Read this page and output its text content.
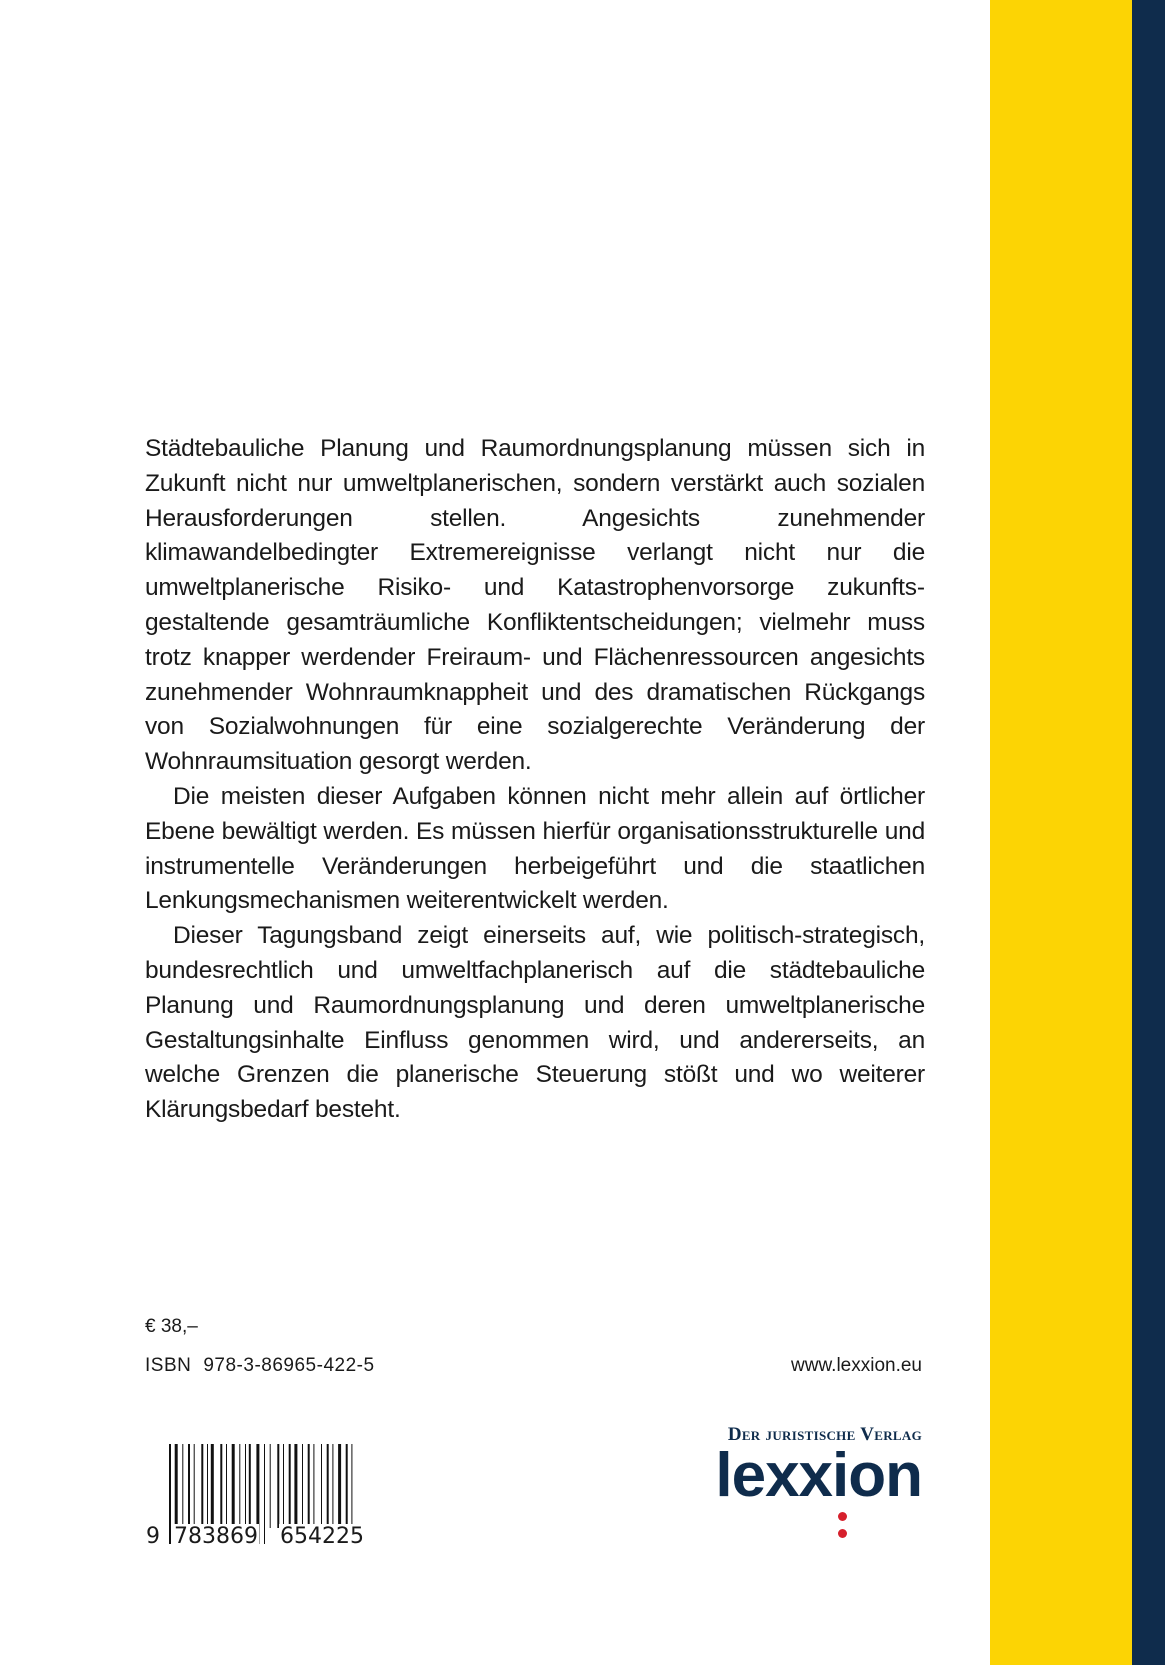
Städtebauliche Planung und Raumordnungsplanung müssen sich in Zukunft nicht nur umweltplanerischen, sondern verstärkt auch sozialen Herausforderungen stellen. Angesichts zunehmender klimawandelbedingter Extremereignisse verlangt nicht nur die umweltplanerische Risiko- und Katastrophenvorsorge zukunftsgestaltende gesamträumliche Konfliktentscheidungen; vielmehr muss trotz knapper werdender Freiraum- und Flächenressourcen angesichts zunehmender Wohnraumknappheit und des dramatischen Rückgangs von Sozialwohnungen für eine sozialgerechte Veränderung der Wohnraumsituation gesorgt werden.

Die meisten dieser Aufgaben können nicht mehr allein auf örtlicher Ebene bewältigt werden. Es müssen hierfür organisationsstrukturelle und instrumentelle Veränderungen herbeigeführt und die staatlichen Lenkungsmechanismen weiterentwickelt werden.

Dieser Tagungsband zeigt einerseits auf, wie politisch-strategisch, bundesrechtlich und umweltfachplanerisch auf die städtebauliche Planung und Raumordnungsplanung und deren umweltplanerische Gestaltungsinhalte Einfluss genommen wird, und andererseits, an welche Grenzen die planerische Steuerung stößt und wo weiterer Klärungsbedarf besteht.

€ 38,–
ISBN 978-3-86965-422-5	www.lexxion.eu
9 783869 654225
Der juristische Verlag
lexxion
